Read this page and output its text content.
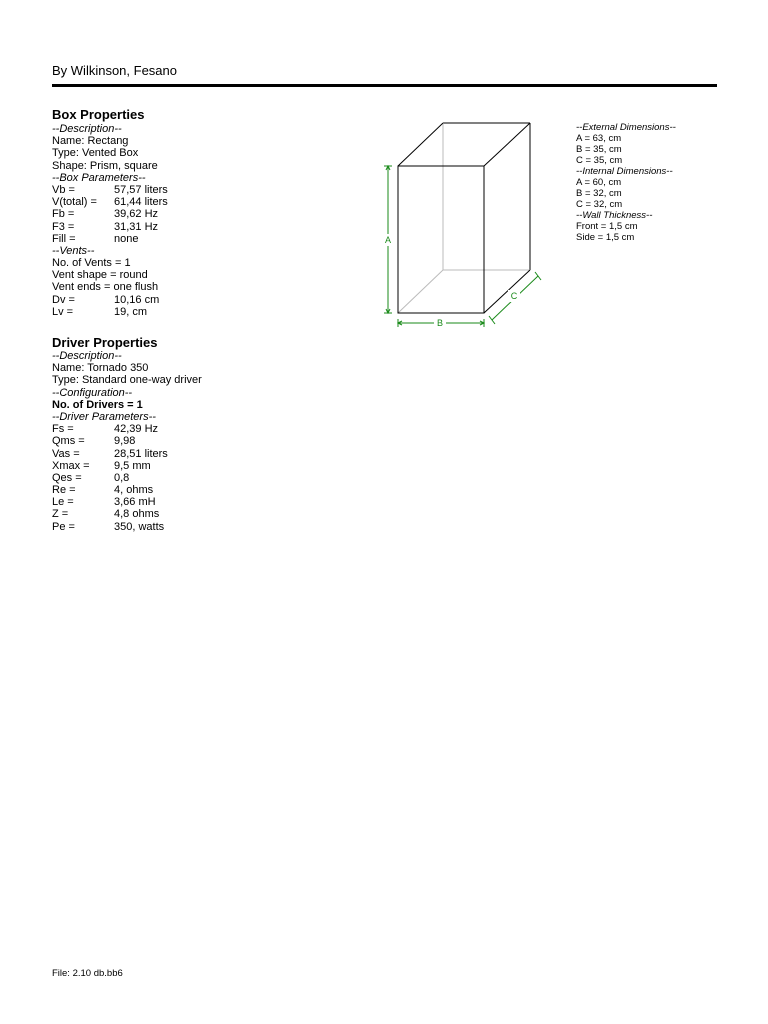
By Wilkinson, Fesano
Box Properties
--Description--
Name: Rectang
Type: Vented Box
Shape: Prism, square
--Box Parameters--
Vb =	57,57 liters
V(total) =	61,44 liters
Fb =	39,62 Hz
F3 =	31,31 Hz
Fill =	none
--Vents--
No. of Vents = 1
Vent shape = round
Vent ends = one flush
Dv =	10,16 cm
Lv =	19, cm
Driver Properties
--Description--
Name: Tornado 350
Type: Standard one-way driver
--Configuration--
No. of Drivers = 1
--Driver Parameters--
Fs =	42,39 Hz
Qms =	9,98
Vas =	28,51 liters
Xmax =	9,5 mm
Qes =	0,8
Re =	4, ohms
Le =	3,66 mH
Z =	4,8 ohms
Pe =	350, watts
A
B
C
--External Dimensions--
A = 63, cm
B = 35, cm
C = 35, cm
--Internal Dimensions--
A = 60, cm
B = 32, cm
C = 32, cm
--Wall Thickness--
Front = 1,5 cm
Side = 1,5 cm
File: 2.10 db.bb6
